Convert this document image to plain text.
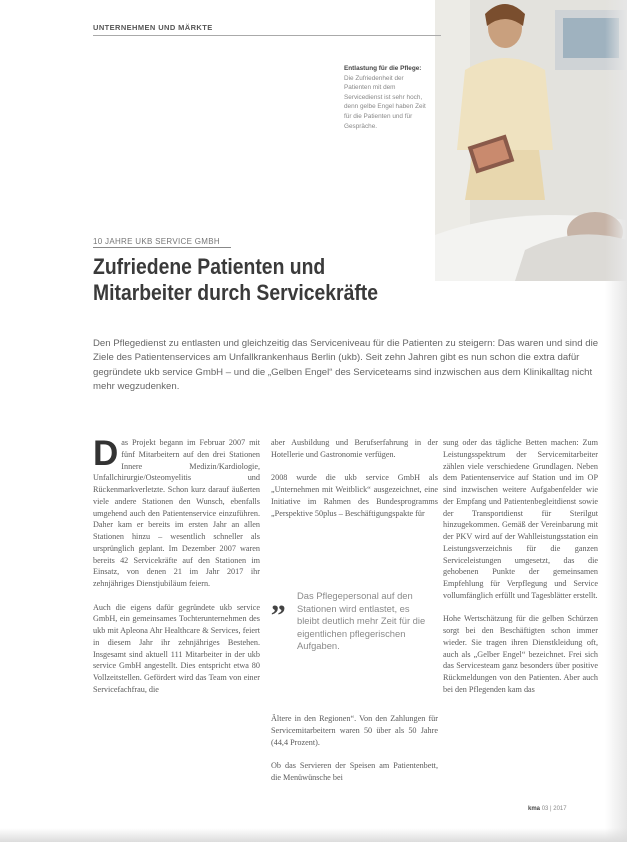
UNTERNEHMEN UND MÄRKTE
Entlastung für die Pflege:
Die Zufriedenheit der Patienten mit dem Servicedienst ist sehr hoch, denn gelbe Engel haben Zeit für die Patienten und für Gespräche.
10 JAHRE UKB SERVICE GMBH
Zufriedene Patienten und
Mitarbeiter durch Servicekräfte

Den Pflegedienst zu entlasten und gleichzeitig das Serviceniveau für die Patienten zu steigern: Das waren und sind die Ziele des Patientenservices am Unfallkrankenhaus Berlin (ukb). Seit zehn Jahren gibt es nun schon die extra dafür gegründete ukb service GmbH – und die „Gelben Engel“ des Serviceteams sind inzwischen aus dem Klinikalltag nicht mehr wegzudenken.

Das Projekt begann im Februar 2007 mit fünf Mitarbeitern auf den drei Stationen Innere Medizin/Kardiologie, Unfallchirurgie/Osteomyelitis und Rückenmarkverletzte. Schon kurz darauf äußerten viele andere Stationen den Wunsch, ebenfalls umgehend auch den Patientenservice einzuführen. Daher kam er bereits im ersten Jahr an allen Stationen hinzu – wesentlich schneller als ursprünglich geplant. Im Dezember 2007 waren bereits 42 Servicekräfte auf den Stationen im Einsatz, von denen 21 im Jahr 2017 ihr zehnjähriges Dienstjubiläum feiern.

Auch die eigens dafür gegründete ukb service GmbH, ein gemeinsames Tochterunternehmen des ukb mit Apleona Ahr Healthcare & Services, feiert in diesem Jahr ihr zehnjähriges Bestehen. Insgesamt sind aktuell 111 Mitarbeiter in der ukb service GmbH angestellt. Dies entspricht etwa 80 Vollzeitstellen. Gefördert wird das Team von einer Servicefachfrau, die

aber Ausbildung und Berufserfahrung in der Hotellerie und Gastronomie verfügen.

2008 wurde die ukb service GmbH als „Unternehmen mit Weitblick“ ausgezeichnet, eine Initiative im Rahmen des Bundesprogramms „Perspektive 50plus – Beschäftigungspakte für

„ Das Pflegepersonal auf den Stationen wird entlastet, es bleibt deutlich mehr Zeit für die eigentlichen pflegerischen Aufgaben.

Ältere in den Regionen“. Von den Zahlungen für Servicemitarbeitern waren 50 über als 50 Jahre (44,4 Prozent).

Ob das Servieren der Speisen am Patientenbett, die Menüwünsche bei

sung oder das tägliche Betten machen: Zum Leistungsspektrum der Servicemitarbeiter zählen viele verschiedene Grundlagen. Neben dem Patientenservice auf Station und im OP sind inzwischen weitere Aufgabenfelder wie der Empfang und Patientenbegleitdienst sowie der Transportdienst für Sterilgut hinzugekommen. Gemäß der Vereinbarung mit der PKV wird auf der Wahlleistungsstation ein Leistungsverzeichnis für die ganzen Serviceleistungen umgesetzt, das die gehobenen Punkte der gemeinsamen Empfehlung für Verpflegung und Service vollumfänglich erfüllt und Tagesblätter erstellt.

Hohe Wertschätzung für die gelben Schürzen sorgt bei den Beschäftigten schon immer wieder. Sie tragen ihren Dienstkleidung oft, auch als „Gelber Engel“ bezeichnet. Frei sich das Servicesteam ganz besonders über positive Rückmeldungen von den Patienten. Aber auch bei den Pflegenden kam das

kma 03 | 2017
